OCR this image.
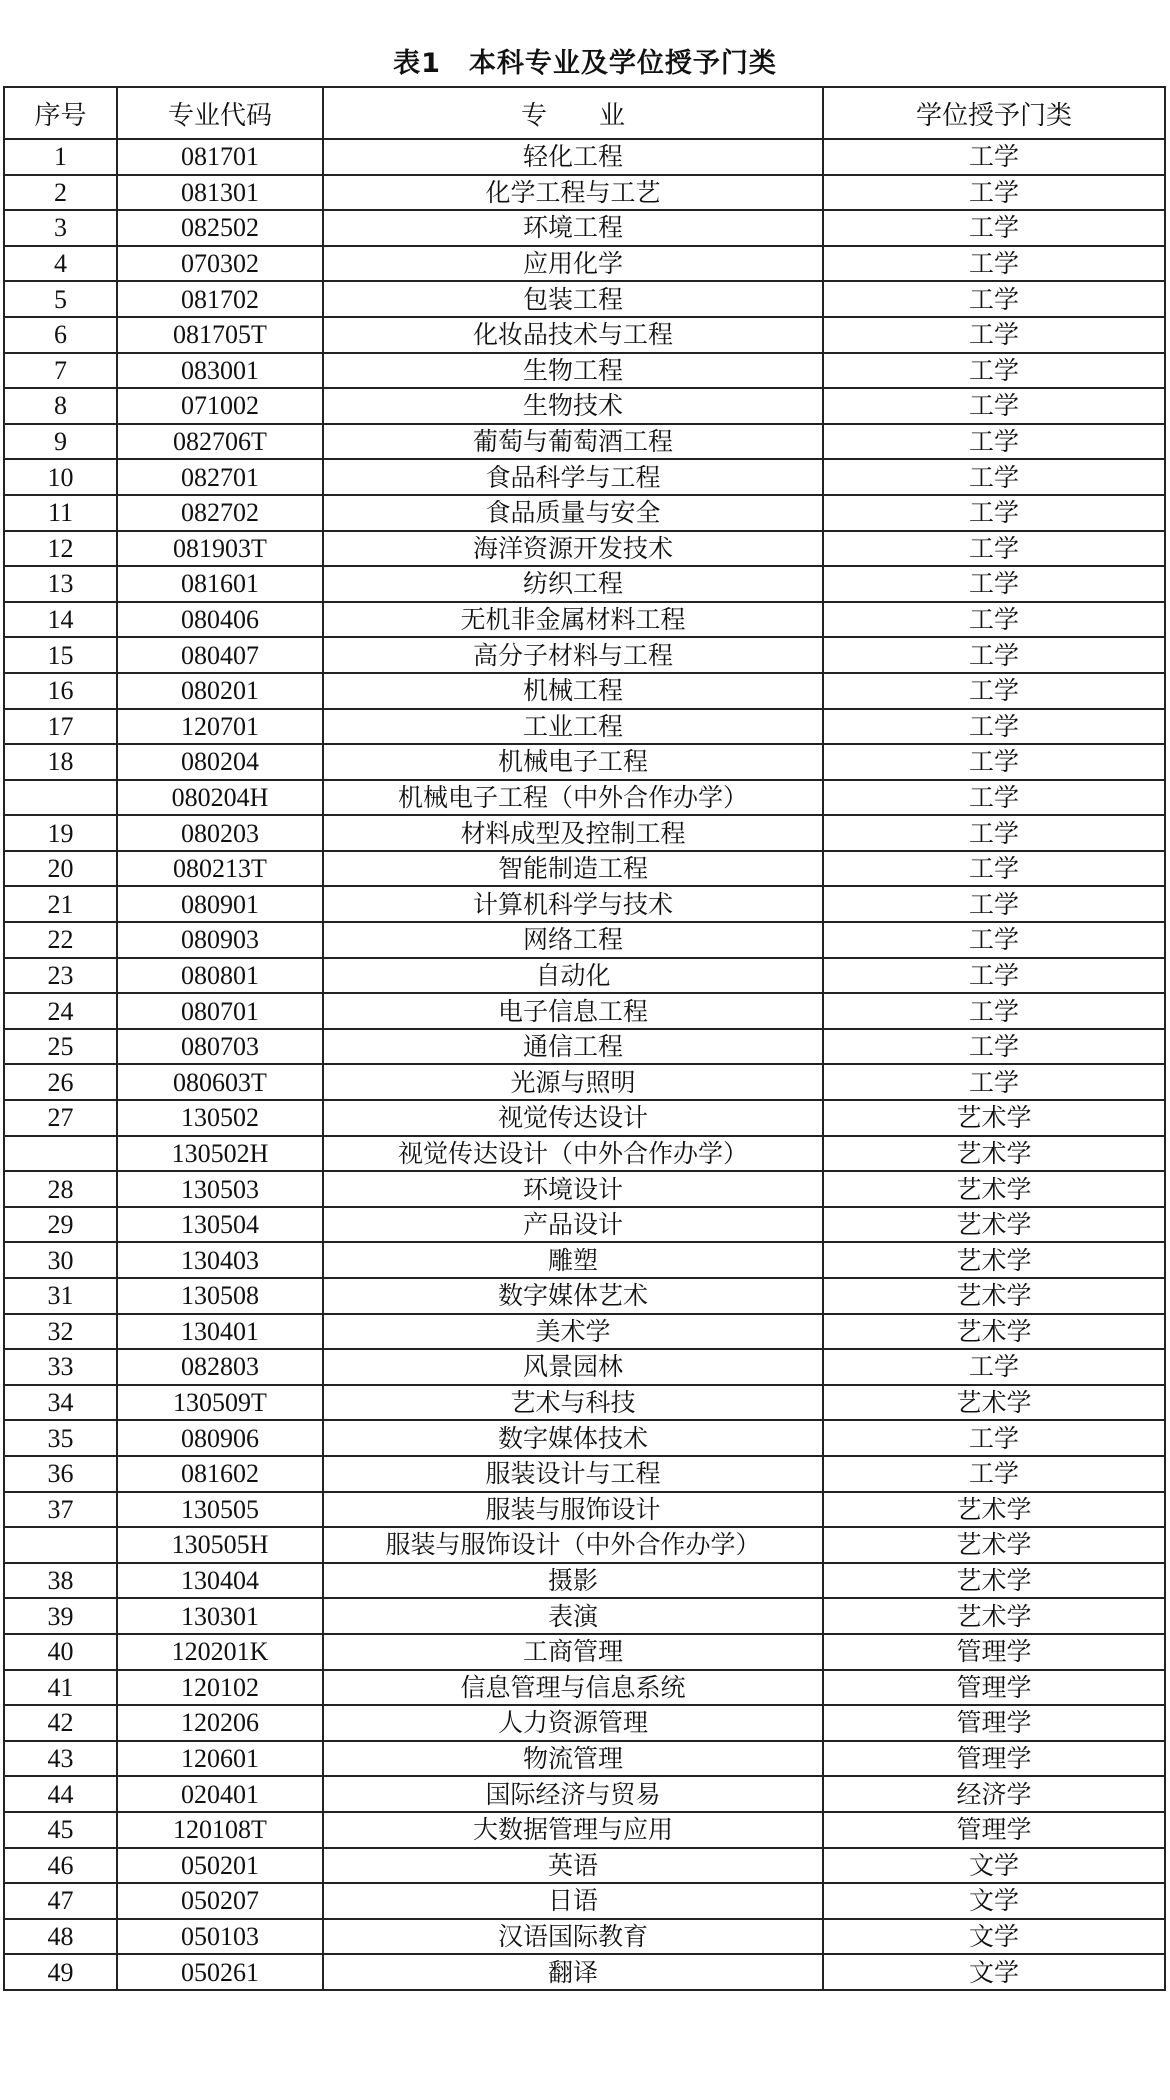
表1　本科专业及学位授予门类
序号	专业代码	专　　业	学位授予门类
1	081701	轻化工程	工学
2	081301	化学工程与工艺	工学
3	082502	环境工程	工学
4	070302	应用化学	工学
5	081702	包装工程	工学
6	081705T	化妆品技术与工程	工学
7	083001	生物工程	工学
8	071002	生物技术	工学
9	082706T	葡萄与葡萄酒工程	工学
10	082701	食品科学与工程	工学
11	082702	食品质量与安全	工学
12	081903T	海洋资源开发技术	工学
13	081601	纺织工程	工学
14	080406	无机非金属材料工程	工学
15	080407	高分子材料与工程	工学
16	080201	机械工程	工学
17	120701	工业工程	工学
18	080204	机械电子工程	工学
	080204H	机械电子工程（中外合作办学）	工学
19	080203	材料成型及控制工程	工学
20	080213T	智能制造工程	工学
21	080901	计算机科学与技术	工学
22	080903	网络工程	工学
23	080801	自动化	工学
24	080701	电子信息工程	工学
25	080703	通信工程	工学
26	080603T	光源与照明	工学
27	130502	视觉传达设计	艺术学
	130502H	视觉传达设计（中外合作办学）	艺术学
28	130503	环境设计	艺术学
29	130504	产品设计	艺术学
30	130403	雕塑	艺术学
31	130508	数字媒体艺术	艺术学
32	130401	美术学	艺术学
33	082803	风景园林	工学
34	130509T	艺术与科技	艺术学
35	080906	数字媒体技术	工学
36	081602	服装设计与工程	工学
37	130505	服装与服饰设计	艺术学
	130505H	服装与服饰设计（中外合作办学）	艺术学
38	130404	摄影	艺术学
39	130301	表演	艺术学
40	120201K	工商管理	管理学
41	120102	信息管理与信息系统	管理学
42	120206	人力资源管理	管理学
43	120601	物流管理	管理学
44	020401	国际经济与贸易	经济学
45	120108T	大数据管理与应用	管理学
46	050201	英语	文学
47	050207	日语	文学
48	050103	汉语国际教育	文学
49	050261	翻译	文学
